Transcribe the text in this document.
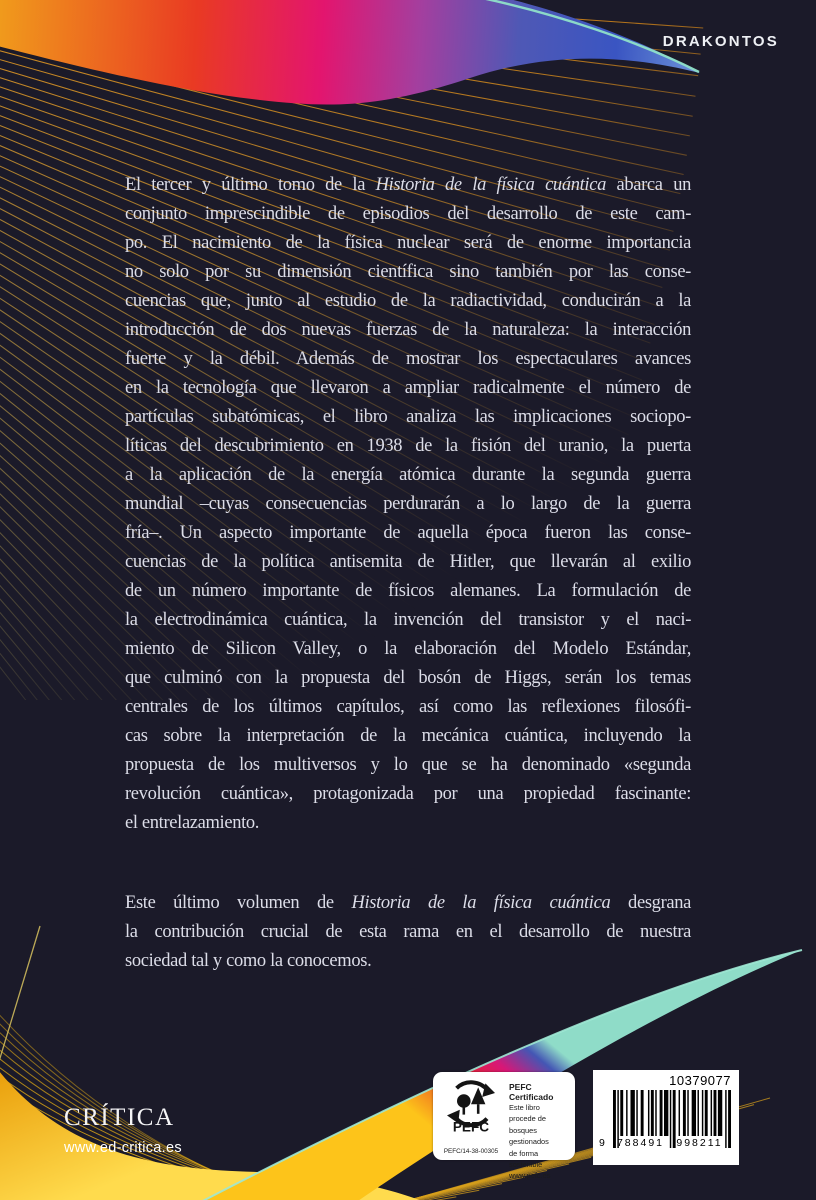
DRAKONTOS
El tercer y último tomo de la Historia de la física cuántica abarca un
conjunto imprescindible de episodios del desarrollo de este cam-
po. El nacimiento de la física nuclear será de enorme importancia
no solo por su dimensión científica sino también por las conse-
cuencias que, junto al estudio de la radiactividad, conducirán a la
introducción de dos nuevas fuerzas de la naturaleza: la interacción
fuerte y la débil. Además de mostrar los espectaculares avances
en la tecnología que llevaron a ampliar radicalmente el número de
partículas subatómicas, el libro analiza las implicaciones sociopo-
líticas del descubrimiento en 1938 de la fisión del uranio, la puerta
a la aplicación de la energía atómica durante la segunda guerra
mundial –cuyas consecuencias perdurarán a lo largo de la guerra
fría–. Un aspecto importante de aquella época fueron las conse-
cuencias de la política antisemita de Hitler, que llevarán al exilio
de un número importante de físicos alemanes. La formulación de
la electrodinámica cuántica, la invención del transistor y el naci-
miento de Silicon Valley, o la elaboración del Modelo Estándar,
que culminó con la propuesta del bosón de Higgs, serán los temas
centrales de los últimos capítulos, así como las reflexiones filosófi-
cas sobre la interpretación de la mecánica cuántica, incluyendo la
propuesta de los multiversos y lo que se ha denominado «segunda
revolución cuántica», protagonizada por una propiedad fascinante:
el entrelazamiento.
Este último volumen de Historia de la física cuántica desgrana
la contribución crucial de esta rama en el desarrollo de nuestra
sociedad tal y como la conocemos.
CRÍTICA
www.ed-critica.es
PEFC
PEFC/14-38-00305
PEFC Certificado
Este libro procede de
bosques gestionados
de forma sostenible
www.pefc.es
10379077
9	788491	998211
